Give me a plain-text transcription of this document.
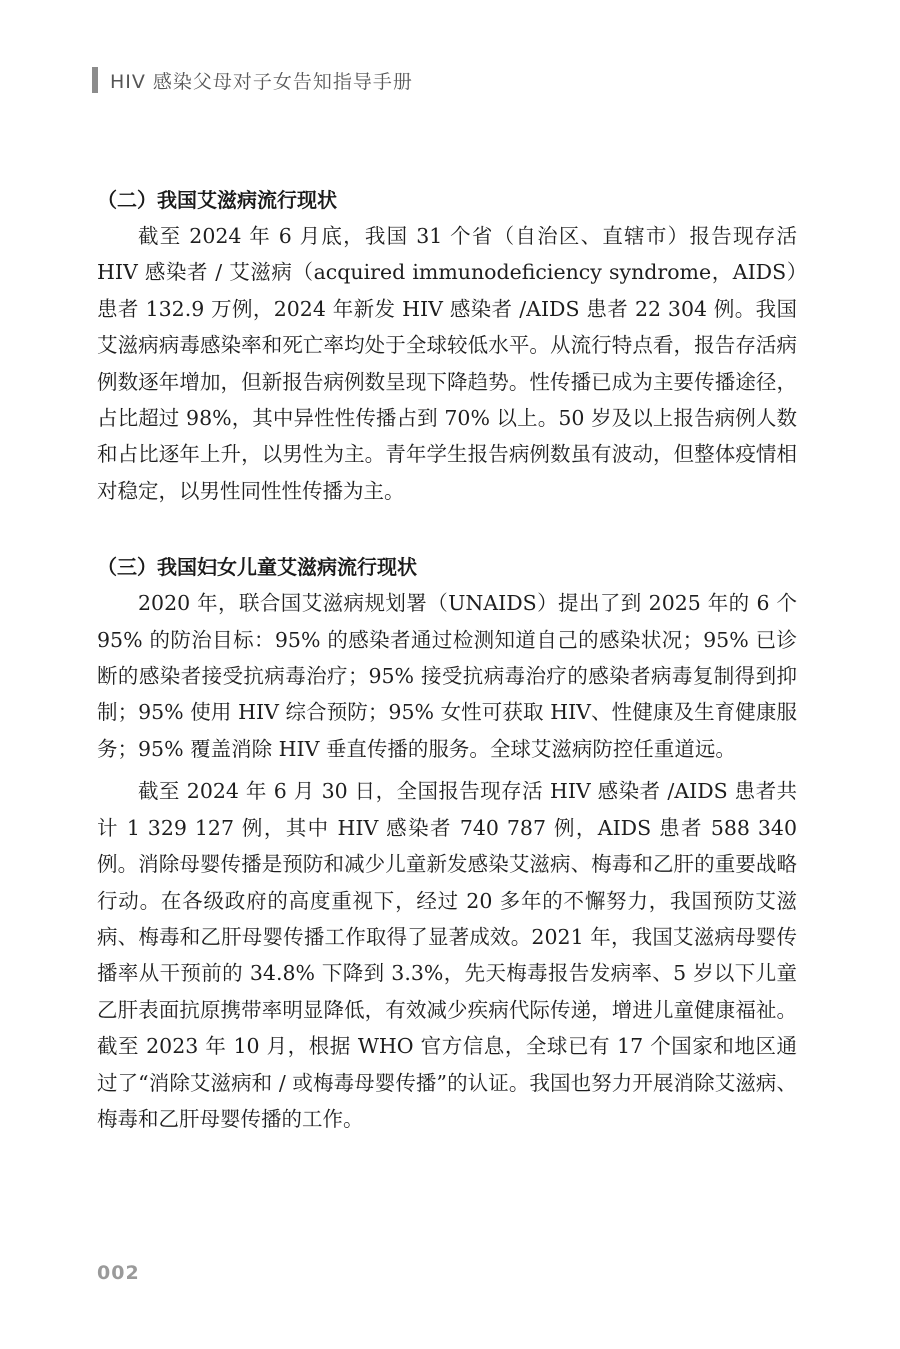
HIV 感染父母对子女告知指导手册
（二）我国艾滋病流行现状

截至 2024 年 6 月底，我国 31 个省（自治区、直辖市）报告现存活 HIV 感染者 / 艾滋病（acquired immunodeficiency syndrome，AIDS）患者 132.9 万例，2024 年新发 HIV 感染者 /AIDS 患者 22 304 例。我国艾滋病病毒感染率和死亡率均处于全球较低水平。从流行特点看，报告存活病例数逐年增加，但新报告病例数呈现下降趋势。性传播已成为主要传播途径，占比超过 98%，其中异性性传播占到 70% 以上。50 岁及以上报告病例人数和占比逐年上升，以男性为主。青年学生报告病例数虽有波动，但整体疫情相对稳定，以男性同性性传播为主。

（三）我国妇女儿童艾滋病流行现状

2020 年，联合国艾滋病规划署（UNAIDS）提出了到 2025 年的 6 个 95% 的防治目标：95% 的感染者通过检测知道自己的感染状况；95% 已诊断的感染者接受抗病毒治疗；95% 接受抗病毒治疗的感染者病毒复制得到抑制；95% 使用 HIV 综合预防；95% 女性可获取 HIV、性健康及生育健康服务；95% 覆盖消除 HIV 垂直传播的服务。全球艾滋病防控任重道远。

截至 2024 年 6 月 30 日，全国报告现存活 HIV 感染者 /AIDS 患者共计 1 329 127 例，其中 HIV 感染者 740 787 例，AIDS 患者 588 340 例。消除母婴传播是预防和减少儿童新发感染艾滋病、梅毒和乙肝的重要战略行动。在各级政府的高度重视下，经过 20 多年的不懈努力，我国预防艾滋病、梅毒和乙肝母婴传播工作取得了显著成效。2021 年，我国艾滋病母婴传播率从干预前的 34.8% 下降到 3.3%，先天梅毒报告发病率、5 岁以下儿童乙肝表面抗原携带率明显降低，有效减少疾病代际传递，增进儿童健康福祉。截至 2023 年 10 月，根据 WHO 官方信息，全球已有 17 个国家和地区通过了“消除艾滋病和 / 或梅毒母婴传播”的认证。我国也努力开展消除艾滋病、梅毒和乙肝母婴传播的工作。

002
